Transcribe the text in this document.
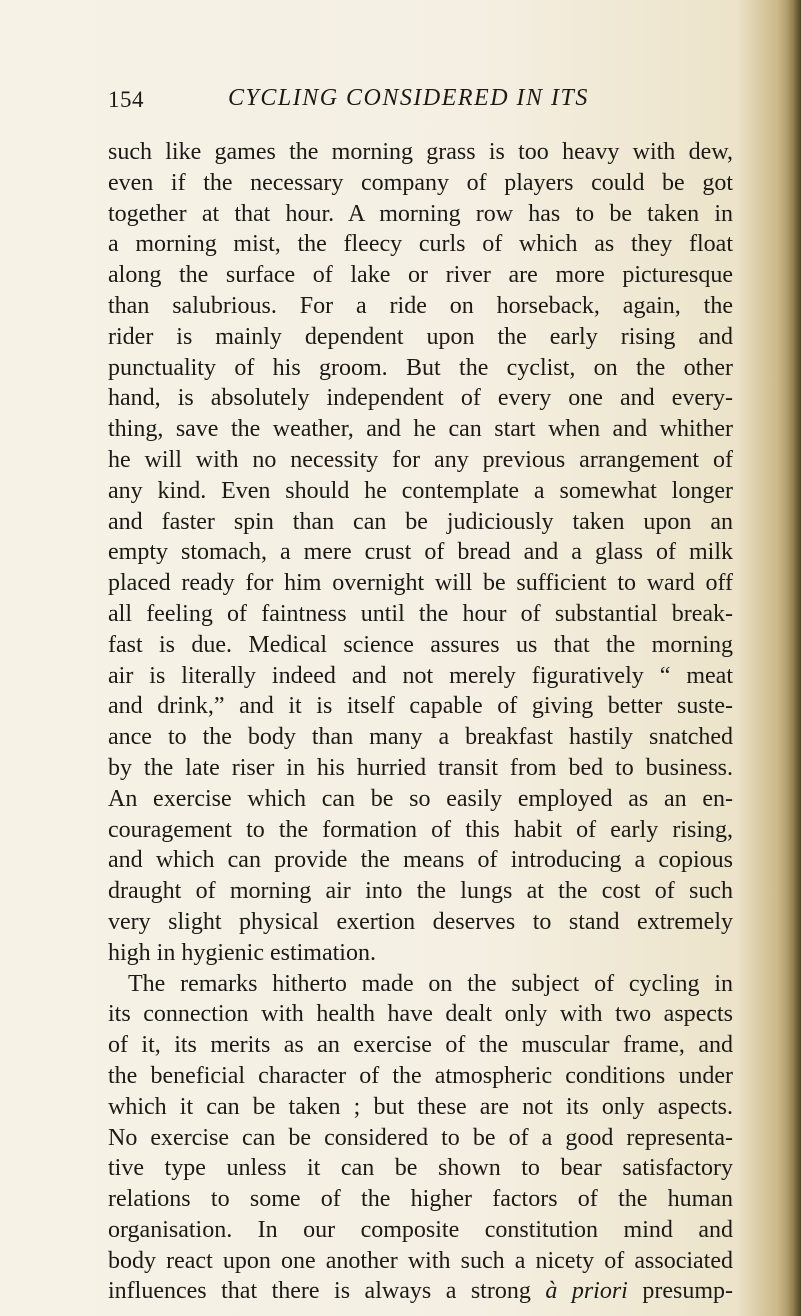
154	CYCLING CONSIDERED IN ITS
such like games the morning grass is too heavy with dew,
even if the necessary company of players could be got
together at that hour. A morning row has to be taken in
a morning mist, the fleecy curls of which as they float
along the surface of lake or river are more picturesque
than salubrious. For a ride on horseback, again, the
rider is mainly dependent upon the early rising and
punctuality of his groom. But the cyclist, on the other
hand, is absolutely independent of every one and every-
thing, save the weather, and he can start when and whither
he will with no necessity for any previous arrangement of
any kind. Even should he contemplate a somewhat longer
and faster spin than can be judiciously taken upon an
empty stomach, a mere crust of bread and a glass of milk
placed ready for him overnight will be sufficient to ward off
all feeling of faintness until the hour of substantial break-
fast is due. Medical science assures us that the morning
air is literally indeed and not merely figuratively “ meat
and drink,” and it is itself capable of giving better suste-
ance to the body than many a breakfast hastily snatched
by the late riser in his hurried transit from bed to business.
An exercise which can be so easily employed as an en-
couragement to the formation of this habit of early rising,
and which can provide the means of introducing a copious
draught of morning air into the lungs at the cost of such
very slight physical exertion deserves to stand extremely
high in hygienic estimation.
The remarks hitherto made on the subject of cycling in
its connection with health have dealt only with two aspects
of it, its merits as an exercise of the muscular frame, and
the beneficial character of the atmospheric conditions under
which it can be taken ; but these are not its only aspects.
No exercise can be considered to be of a good representa-
tive type unless it can be shown to bear satisfactory
relations to some of the higher factors of the human
organisation. In our composite constitution mind and
body react upon one another with such a nicety of associated
influences that there is always a strong à priori presump-
